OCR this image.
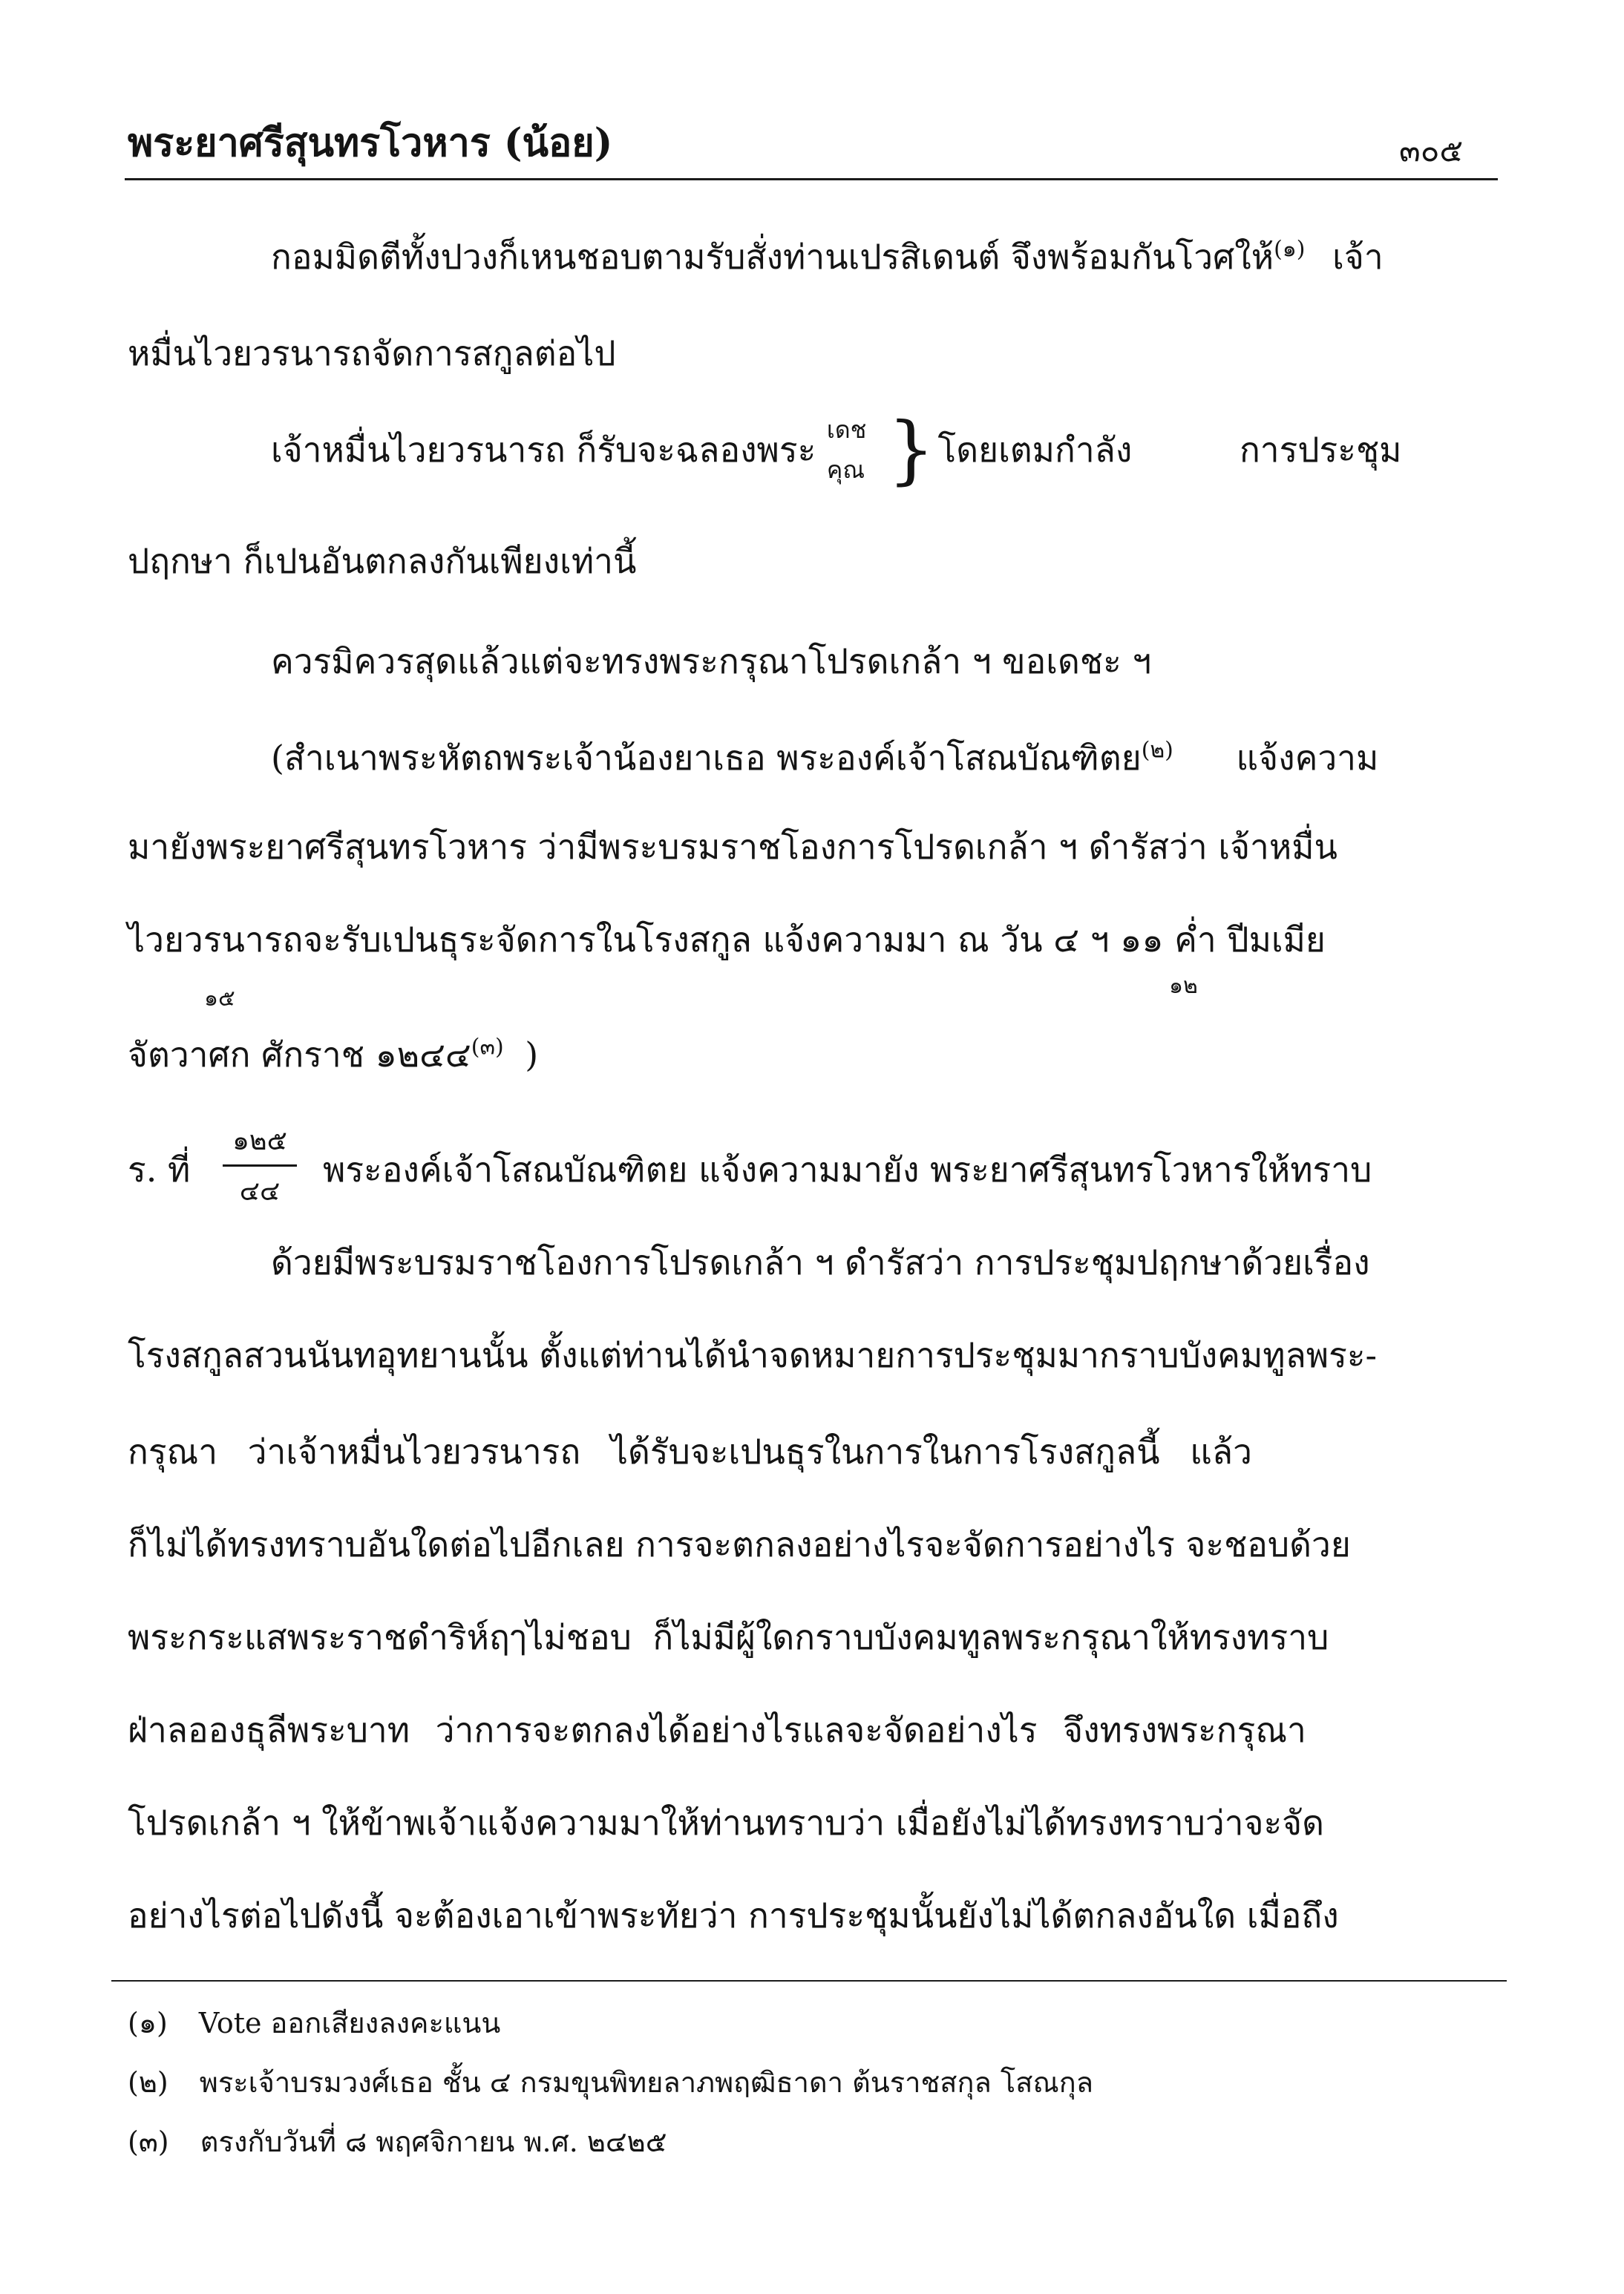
พระยาศรีสุนทรโวหาร (น้อย)	๓๐๕
กอมมิดตีทั้งปวงก็เหนชอบตามรับสั่งท่านเปรสิเดนต์ จึงพร้อมกันโวศให้$^{(๑)}$ เจ้า
หมื่นไวยวรนารถจัดการสกูลต่อไป
เจ้าหมื่นไวยวรนารถ ก็รับจะฉลองพระ เดช
คุณ } โดยเตมกำลัง	การประชุม
ปฤกษา ก็เปนอันตกลงกันเพียงเท่านี้
ควรมิควรสุดแล้วแต่จะทรงพระกรุณาโปรดเกล้า ฯ ขอเดชะ ฯ
(สำเนาพระหัตถพระเจ้าน้องยาเธอ พระองค์เจ้าโสณบัณฑิตย$^{(๒)}$ แจ้งความ
มายังพระยาศรีสุนทรโวหาร ว่ามีพระบรมราชโองการโปรดเกล้า ฯ ดำรัสว่า เจ้าหมื่น
ไวยวรนารถจะรับเปนธุระจัดการในโรงสกูล แจ้งความมา ณ วัน ๔ ฯ ๑๑ ค่ำ ปีมเมีย
๑๕	๑๒
จัตวาศก ศักราช ๑๒๔๔$^{(๓)}$ )
ร. ที่
๑๒๕
๔๔
พระองค์เจ้าโสณบัณฑิตย แจ้งความมายัง พระยาศรีสุนทรโวหารให้ทราบ
ด้วยมีพระบรมราชโองการโปรดเกล้า ฯ ดำรัสว่า การประชุมปฤกษาด้วยเรื่อง
โรงสกูลสวนนันทอุทยานนั้น ตั้งแต่ท่านได้นำจดหมายการประชุมมากราบบังคมทูลพระ-
กรุณา ว่าเจ้าหมื่นไวยวรนารถ ได้รับจะเปนธุรในการในการโรงสกูลนี้ แล้ว
ก็ไม่ได้ทรงทราบอันใดต่อไปอีกเลย การจะตกลงอย่างไรจะจัดการอย่างไร จะชอบด้วย
พระกระแสพระราชดำริห์ฤๅไม่ชอบ ก็ไม่มีผู้ใดกราบบังคมทูลพระกรุณาให้ทรงทราบ
ฝ่าลอองธุลีพระบาท ว่าการจะตกลงได้อย่างไรแลจะจัดอย่างไร จึงทรงพระกรุณา
โปรดเกล้า ฯ ให้ข้าพเจ้าแจ้งความมาให้ท่านทราบว่า เมื่อยังไม่ได้ทรงทราบว่าจะจัด
อย่างไรต่อไปดังนี้ จะต้องเอาเข้าพระทัยว่า การประชุมนั้นยังไม่ได้ตกลงอันใด เมื่อถึง
(๑) Vote ออกเสียงลงคะแนน
(๒) พระเจ้าบรมวงศ์เธอ ชั้น ๔ กรมขุนพิทยลาภพฤฒิธาดา ต้นราชสกุล โสณกุล
(๓) ตรงกับวันที่ ๘ พฤศจิกายน พ.ศ. ๒๔๒๕
